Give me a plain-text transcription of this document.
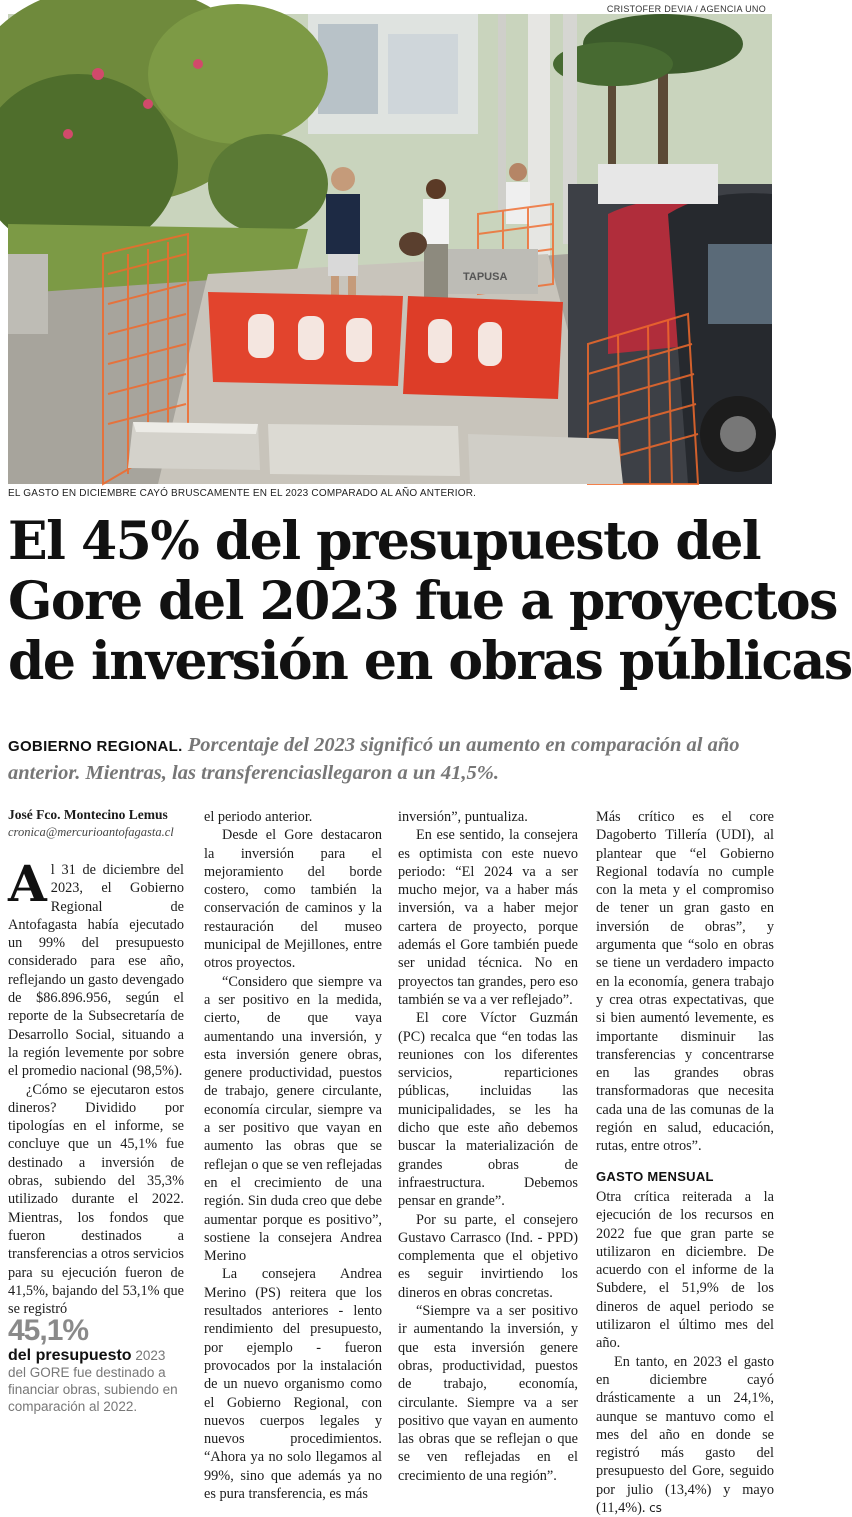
CRISTOFER DEVIA / AGENCIA UNO
TAPUSA
EL GASTO EN DICIEMBRE CAYÓ BRUSCAMENTE EN EL 2023 COMPARADO AL AÑO ANTERIOR.
El 45% del presupuesto del
Gore del 2023 fue a proyectos
de inversión en obras públicas
GOBIERNO REGIONAL. Porcentaje del 2023 significó un aumento en comparación al año anterior. Mientras, las transferenciasllegaron a un 41,5%.
José Fco. Montecino Lemus
cronica@mercurioantofagasta.cl

Al 31 de diciembre del 2023, el Gobierno Regional de Antofagasta había ejecutado un 99% del presupuesto considerado para ese año, reflejando un gasto devengado de $86.896.956, según el reporte de la Subsecretaría de Desarrollo Social, situando a la región levemente por sobre el promedio nacional (98,5%).

¿Cómo se ejecutaron estos dineros? Dividido por tipologías en el informe, se concluye que un 45,1% fue destinado a inversión de obras, subiendo del 35,3% utilizado durante el 2022. Mientras, los fondos que fueron destinados a transferencias a otros servicios para su ejecución fueron de 41,5%, bajando del 53,1% que se registró

45,1%
del presupuesto 2023 del GORE fue destinado a financiar obras, subiendo en comparación al 2022.

el periodo anterior.

Desde el Gore destacaron la inversión para el mejoramiento del borde costero, como también la conservación de caminos y la restauración del museo municipal de Mejillones, entre otros proyectos.

“Considero que siempre va a ser positivo en la medida, cierto, de que vaya aumentando una inversión, y esta inversión genere obras, genere productividad, puestos de trabajo, genere circulante, economía circular, siempre va a ser positivo que vayan en aumento las obras que se reflejan o que se ven reflejadas en el crecimiento de una región. Sin duda creo que debe aumentar porque es positivo”, sostiene la consejera Andrea Merino

La consejera Andrea Merino (PS) reitera que los resultados anteriores - lento rendimiento del presupuesto, por ejemplo - fueron provocados por la instalación de un nuevo organismo como el Gobierno Regional, con nuevos cuerpos legales y nuevos procedimientos. “Ahora ya no solo llegamos al 99%, sino que además ya no es pura transferencia, es más

inversión”, puntualiza.

En ese sentido, la consejera es optimista con este nuevo periodo: “El 2024 va a ser mucho mejor, va a haber más inversión, va a haber mejor cartera de proyecto, porque además el Gore también puede ser unidad técnica. No en proyectos tan grandes, pero eso también se va a ver reflejado”.

El core Víctor Guzmán (PC) recalca que “en todas las reuniones con los diferentes servicios, reparticiones públicas, incluidas las municipalidades, se les ha dicho que este año debemos buscar la materialización de grandes obras de infraestructura. Debemos pensar en grande”.

Por su parte, el consejero Gustavo Carrasco (Ind. - PPD) complementa que el objetivo es seguir invirtiendo los dineros en obras concretas.

“Siempre va a ser positivo ir aumentando la inversión, y que esta inversión genere obras, productividad, puestos de trabajo, economía, circulante. Siempre va a ser positivo que vayan en aumento las obras que se reflejan o que se ven reflejadas en el crecimiento de una región”.

Más crítico es el core Dagoberto Tillería (UDI), al plantear que “el Gobierno Regional todavía no cumple con la meta y el compromiso de tener un gran gasto en inversión de obras”, y argumenta que “solo en obras se tiene un verdadero impacto en la economía, genera trabajo y crea otras expectativas, que si bien aumentó levemente, es importante disminuir las transferencias y concentrarse en las grandes obras transformadoras que necesita cada una de las comunas de la región en salud, educación, rutas, entre otros”.

GASTO MENSUAL

Otra crítica reiterada a la ejecución de los recursos en 2022 fue que gran parte se utilizaron en diciembre. De acuerdo con el informe de la Subdere, el 51,9% de los dineros de aquel periodo se utilizaron el último mes del año.

En tanto, en 2023 el gasto en diciembre cayó drásticamente a un 24,1%, aunque se mantuvo como el mes del año en donde se registró más gasto del presupuesto del Gore, seguido por julio (13,4%) y mayo (11,4%). cs
